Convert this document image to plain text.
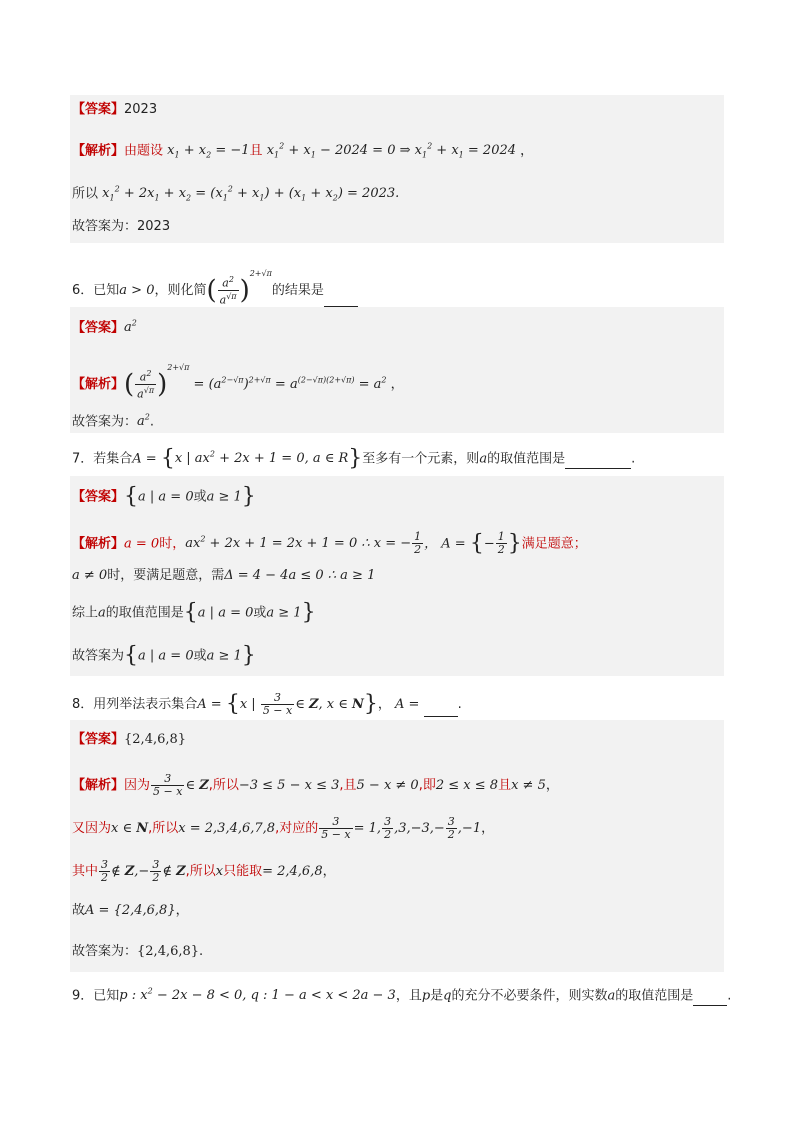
【答案】2023
【解析】由题设 $x_1 + x_2 = -1$且 $x_1^2 + x_1 - 2024 = 0$ ⇒ $x_1^2 + x_1 = 2024$ ，
所以 $x_1^2 + 2x_1 + x_2 = (x_1^2 + x_1) + (x_1 + x_2) = 2023$.
故答案为：2023
6．已知a > 0，则化简( $\frac{a^2}{a^{√\pi}} )^{2+√\pi}$的结果是
【答案】$a^2$
【解析】( $\frac{a^2}{a^{√\pi}} )^{2+√\pi} = (a^{2-√\pi})^{2+√\pi} = a^{(2-√\pi)(2+√\pi)} = a^2$
故答案为：$a^2$.
7．若集合A = {x | $ax^2 + 2x + 1 = 0$, a ∈ R}至多有一个元素，则a的取值范围是	.
【答案】{a | a = 0或a ≥ 1}
【解析】a = 0时，$ax^2 + 2x + 1 = 2x + 1 = 0$ ∴ x = − $\frac{1}{2}$ ， A = {− $\frac{1}{2}$ }满足题意；
a ≠ 0时，要满足题意，需Δ = 4 − 4a ≤ 0 ∴ a ≥ 1
综上a的取值范围是{a | a = 0或a ≥ 1}
故答案为{a | a = 0或a ≥ 1}
8．用列举法表示集合A = {x | $\frac{3}{5 - x}$ ∈ Z, x ∈ N}， A =	.
【答案】{2,4,6,8}
【解析】因为 $\frac{3}{5 - x}$ ∈ Z,所以−3 ≤ 5 − x ≤ 3,且5 − x ≠ 0,即2 ≤ x ≤ 8且x ≠ 5，
又因为x ∈ N,所以x = 2,3,4,6,7,8,对应的 $\frac{3}{5 - x} = 1$, $\frac{3}{2} ,3,-3,- \frac{3}{2} ,-1$，
其中 $\frac{3}{2}$ ∉ $Z,- \frac{3}{2}$ ∉ Z,所以x只能取= 2,4,6,8，
故A = {2,4,6,8}，
故答案为：{2,4,6,8}.
9．已知p : $x^2 - 2x - 8 < 0$, q : 1 − a < x < 2a − 3，且p是q的充分不必要条件，则实数a的取值范围是	.
